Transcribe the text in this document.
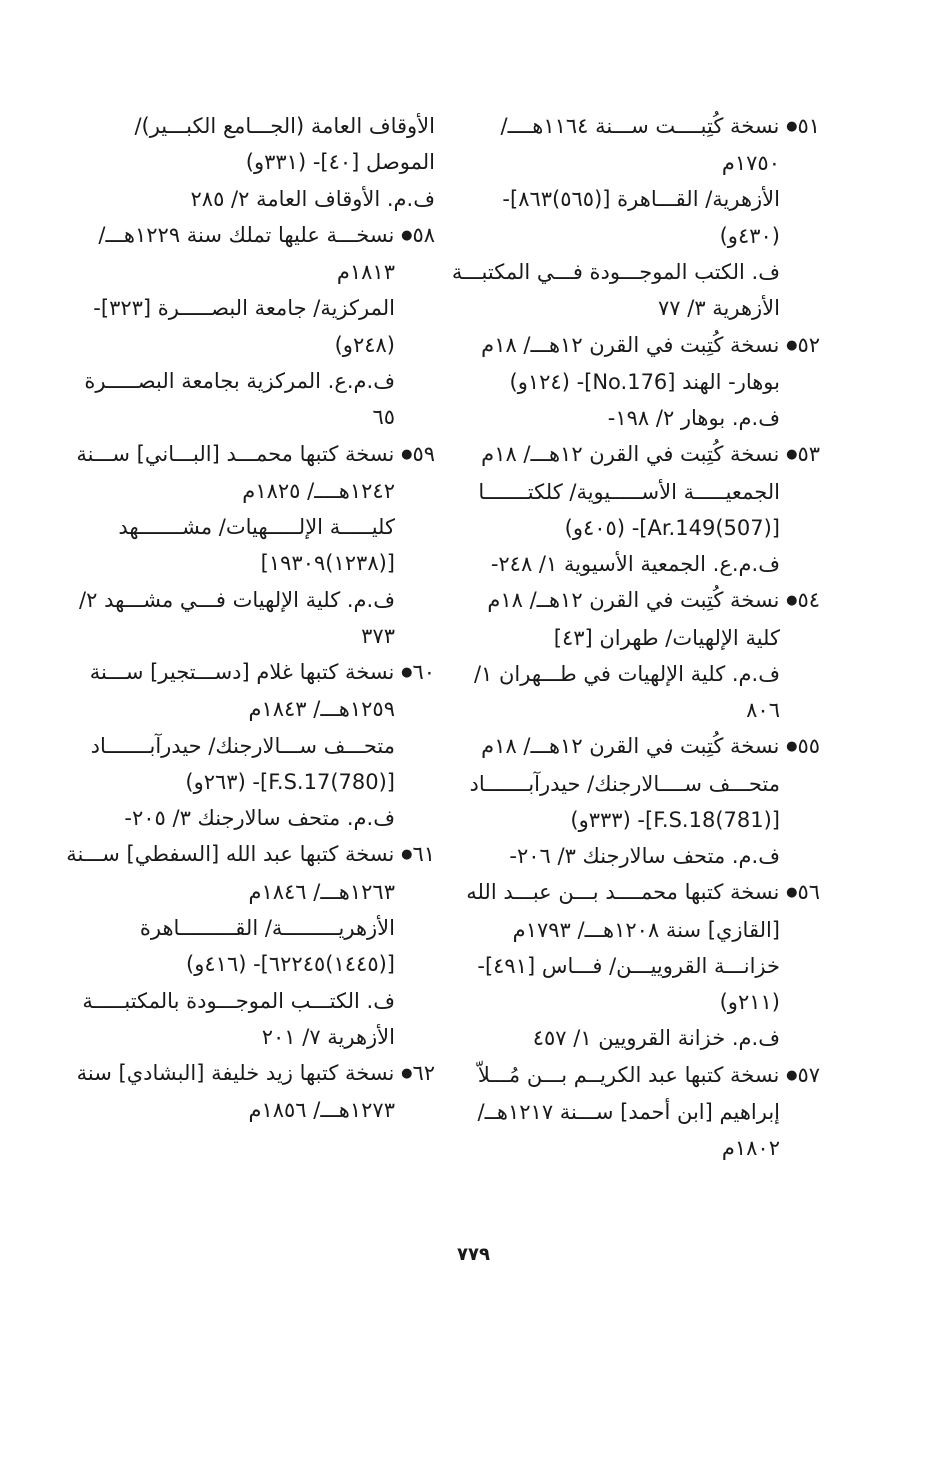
٥١● نسخة كُتِبــــت ســـنة ١١٦٤هــــ/
١٧٥٠م
الأزهرية/ القـــاهرة [(٥٦٥)٨٦٣]-
(٤٣٠و)
ف. الكتب الموجـــودة فـــي المكتبـــة
الأزهرية ٣/ ٧٧
٥٢● نسخة كُتِبت في القرن ١٢هـــ/ ١٨م
بوهار- الهند [No.176]- (١٢٤و)
ف.م. بوهار ٢/ ١٩٨-
٥٣● نسخة كُتِبت في القرن ١٢هـــ/ ١٨م
الجمعيـــــة الأســـــيوية/ كلكتـــــــا
[(507)Ar.149]- (٤٠٥و)
ف.م.ع. الجمعية الأسيوية ١/ ٢٤٨-
٥٤● نسخة كُتِبت في القرن ١٢هــ/ ١٨م
كلية الإلهيات/ طهران [٤٣]
ف.م. كلية الإلهيات في طـــهران ١/
٨٠٦
٥٥● نسخة كُتِبت في القرن ١٢هـــ/ ١٨م
متحـــف ســــالارجنك/ حيدرآبـــــــاد
[(781)F.S.18]- (٣٣٣و)
ف.م. متحف سالارجنك ٣/ ٢٠٦-
٥٦● نسخة كتبها محمــــد بـــن عبـــد الله
[القازي] سنة ١٢٠٨هـــ/ ١٧٩٣م
خزانـــة القروييـــن/ فـــاس [٤٩١]-
(٢١١و)
ف.م. خزانة القرويين ١/ ٤٥٧
٥٧● نسخة كتبها عبد الكريــم بـــن مُـــلاّ
إبراهيم [ابن أحمد] ســـنة ١٢١٧هــ/
١٨٠٢م
الأوقاف العامة (الجـــامع الكبـــير)/
الموصل [٤٠]- (٣٣١و)
ف.م. الأوقاف العامة ٢/ ٢٨٥
٥٨● نسخـــة عليها تملك سنة ١٢٢٩هـــ/
١٨١٣م
المركزية/ جامعة البصـــــرة [٣٢٣]-
(٢٤٨و)
ف.م.ع. المركزية بجامعة البصـــــرة
٦٥
٥٩● نسخة كتبها محمـــد [البـــاني] ســـنة
١٢٤٢هــــ/ ١٨٢٥م
كليـــــة الإلـــــهيات/ مشـــــــهد
[(١٢٣٨)١٩٣٠٩]
ف.م. كلية الإلهيات فـــي مشـــهد ٢/
٣٧٣
٦٠● نسخة كتبها غلام [دســـتجير] ســـنة
١٢٥٩هـــ/ ١٨٤٣م
متحـــف ســـالارجنك/ حيدرآبـــــــاد
[(780)F.S.17]- (٢٦٣و)
ف.م. متحف سالارجنك ٣/ ٢٠٥-
٦١● نسخة كتبها عبد الله [السفطي] ســـنة
١٢٦٣هـــ/ ١٨٤٦م
الأزهريـــــــــة/ القـــــــــاهرة
[(١٤٤٥)٦٢٢٤٥]- (٤١٦و)
ف. الكتـــب الموجـــودة بالمكتبـــــة
الأزهرية ٧/ ٢٠١
٦٢● نسخة كتبها زيد خليفة [البشادي] سنة
١٢٧٣هـــ/ ١٨٥٦م
٧٧٩
